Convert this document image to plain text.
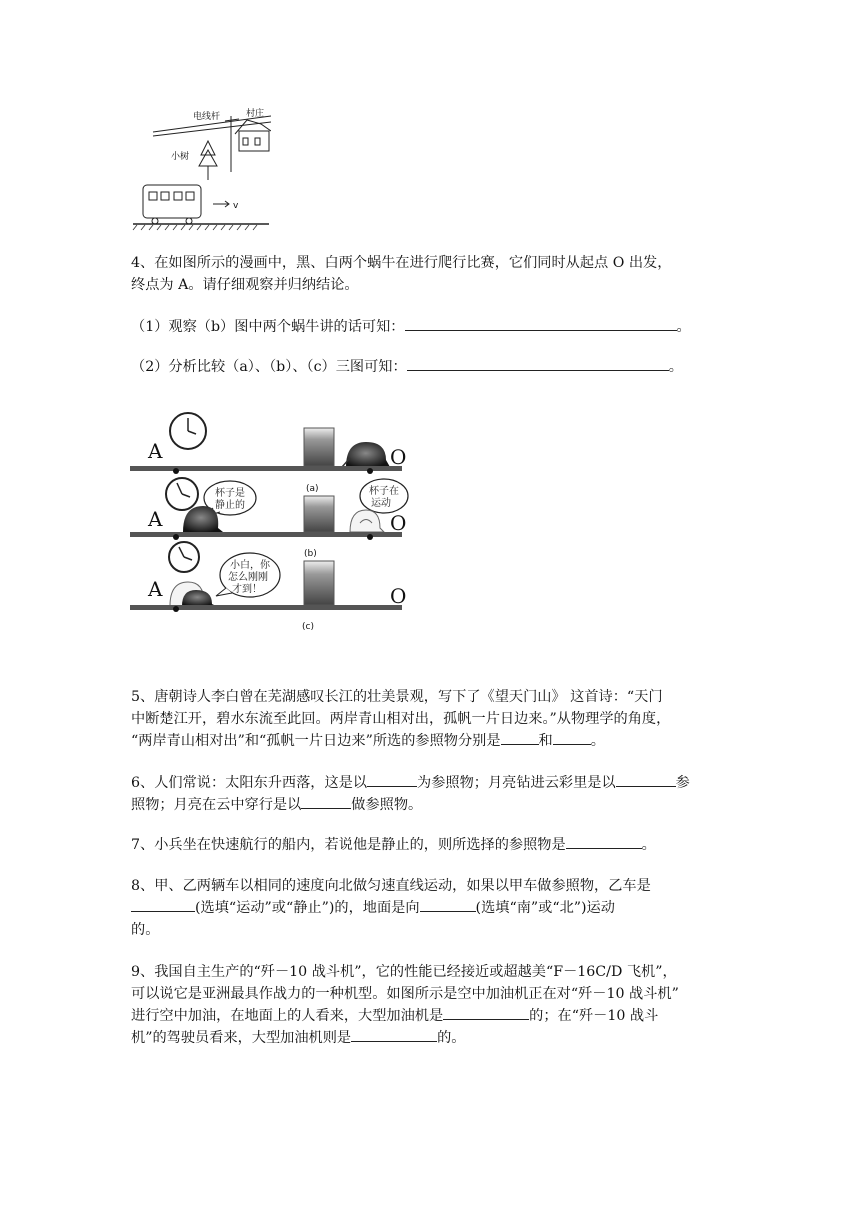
电线杆	村庄
小树
v
4、在如图所示的漫画中，黑、白两个蜗牛在进行爬行比赛，它们同时从起点 O 出发，
终点为 A。请仔细观察并归纳结论。
（1）观察（b）图中两个蜗牛讲的话可知：	。
（2）分析比较（a）、（b）、（c）三图可知：	。
A	O
(a)
A	O
杯子是
静止的
杯子在
运动
(b)
A	O
小白，你
怎么刚刚
才到！
(c)
5、唐朝诗人李白曾在芜湖感叹长江的壮美景观，写下了《望天门山》 这首诗：“天门
中断楚江开，碧水东流至此回。两岸青山相对出，孤帆一片日边来。”从物理学的角度，
“两岸青山相对出”和“孤帆一片日边来”所选的参照物分别是	和	。
6、人们常说：太阳东升西落，这是以	为参照物；月亮钻进云彩里是以	参
照物；月亮在云中穿行是以	做参照物。
7、小兵坐在快速航行的船内，若说他是静止的，则所选择的参照物是	。
8、甲、乙两辆车以相同的速度向北做匀速直线运动，如果以甲车做参照物，乙车是
(选填“运动”或“静止”)的，地面是向	(选填“南”或“北”)运动
的。
9、我国自主生产的“歼－10 战斗机”，它的性能已经接近或超越美“F－16C/D 飞机”，
可以说它是亚洲最具作战力的一种机型。如图所示是空中加油机正在对“歼－10 战斗机”
进行空中加油，在地面上的人看来，大型加油机是	的；在“歼－10 战斗
机”的驾驶员看来，大型加油机则是	的。
